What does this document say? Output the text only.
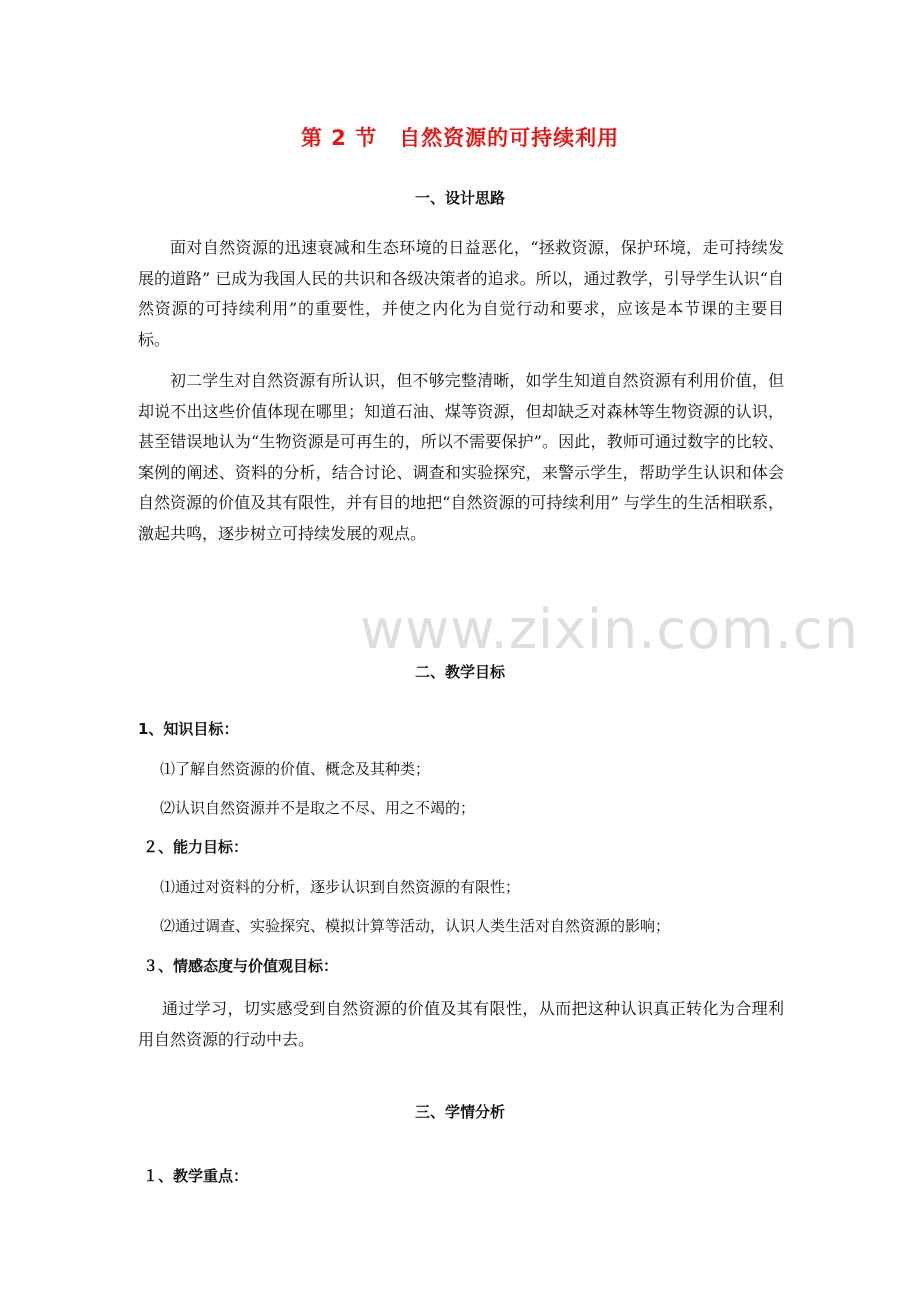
第 2 节　自然资源的可持续利用
一、设计思路

面对自然资源的迅速衰减和生态环境的日益恶化，“拯救资源，保护环境，走可持续发展的道路” 已成为我国人民的共识和各级决策者的追求。所以，通过教学，引导学生认识“自然资源的可持续利用”的重要性，并使之内化为自觉行动和要求，应该是本节课的主要目标。

初二学生对自然资源有所认识，但不够完整清晰，如学生知道自然资源有利用价值，但却说不出这些价值体现在哪里；知道石油、煤等资源，但却缺乏对森林等生物资源的认识，甚至错误地认为“生物资源是可再生的，所以不需要保护”。因此，教师可通过数字的比较、案例的阐述、资料的分析，结合讨论、调查和实验探究，来警示学生，帮助学生认识和体会自然资源的价值及其有限性，并有目的地把“自然资源的可持续利用” 与学生的生活相联系，激起共鸣，逐步树立可持续发展的观点。

二、教学目标
1、知识目标：
⑴了解自然资源的价值、概念及其种类；
⑵认识自然资源并不是取之不尽、用之不竭的；
２、能力目标：
⑴通过对资料的分析，逐步认识到自然资源的有限性；
⑵通过调查、实验探究、模拟计算等活动，认识人类生活对自然资源的影响；
３、情感态度与价值观目标：

通过学习，切实感受到自然资源的价值及其有限性，从而把这种认识真正转化为合理利用自然资源的行动中去。

三、学情分析
１、教学重点：
www.zixin.com.cn
